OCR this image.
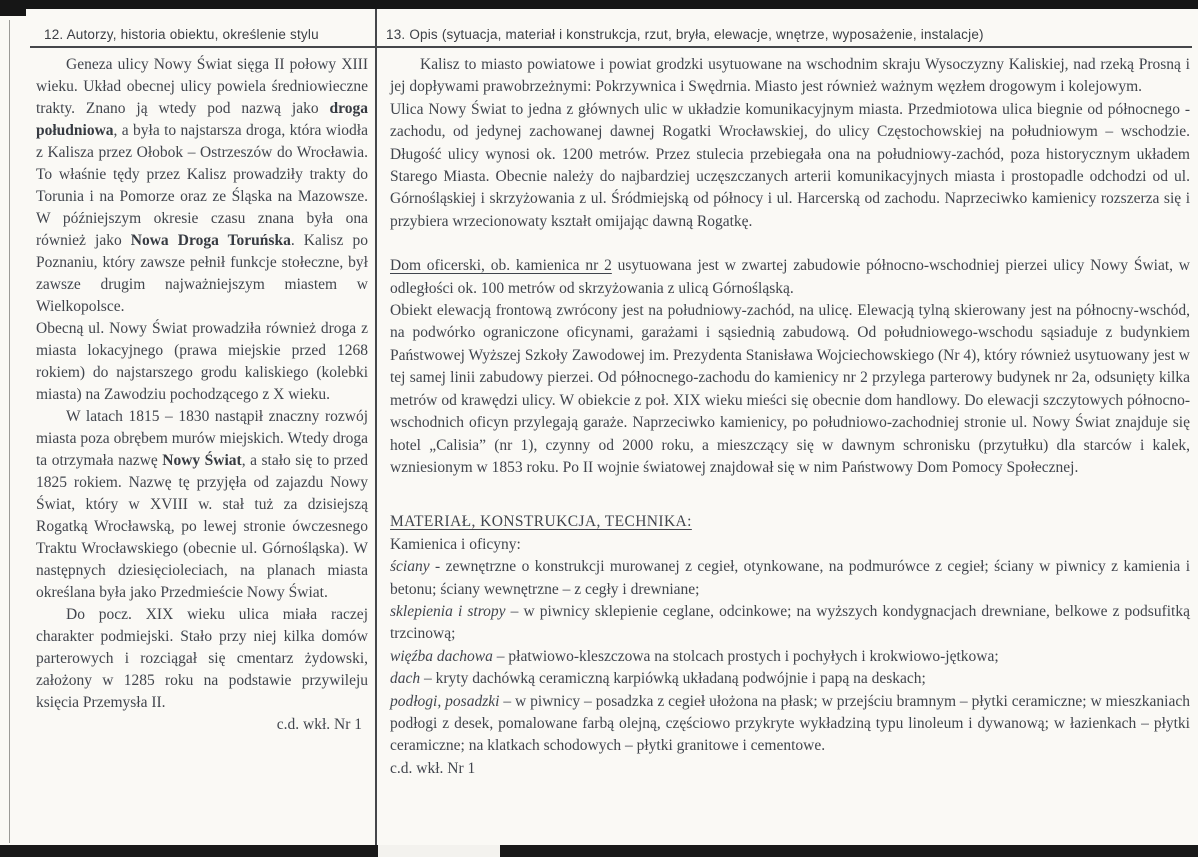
12. Autorzy, historia obiektu, określenie stylu	13. Opis (sytuacja, materiał i konstrukcja, rzut, bryła, elewacje, wnętrze, wyposażenie, instalacje)

Geneza ulicy Nowy Świat sięga II połowy XIII wieku. Układ obecnej ulicy powiela średniowieczne trakty. Znano ją wtedy pod nazwą jako droga południowa, a była to najstarsza droga, która wiodła z Kalisza przez Ołobok – Ostrzeszów do Wrocławia. To właśnie tędy przez Kalisz prowadziły trakty do Torunia i na Pomorze oraz ze Śląska na Mazowsze. W późniejszym okresie czasu znana była ona również jako Nowa Droga Toruńska. Kalisz po Poznaniu, który zawsze pełnił funkcje stołeczne, był zawsze drugim najważniejszym miastem w Wielkopolsce.

Obecną ul. Nowy Świat prowadziła również droga z miasta lokacyjnego (prawa miejskie przed 1268 rokiem) do najstarszego grodu kaliskiego (kolebki miasta) na Zawodziu pochodzącego z X wieku.

W latach 1815 – 1830 nastąpił znaczny rozwój miasta poza obrębem murów miejskich. Wtedy droga ta otrzymała nazwę Nowy Świat, a stało się to przed 1825 rokiem. Nazwę tę przyjęła od zajazdu Nowy Świat, który w XVIII w. stał tuż za dzisiejszą Rogatką Wrocławską, po lewej stronie ówczesnego Traktu Wrocławskiego (obecnie ul. Górnośląska). W następnych dziesięcioleciach, na planach miasta określana była jako Przedmieście Nowy Świat.

Do pocz. XIX wieku ulica miała raczej charakter podmiejski. Stało przy niej kilka domów parterowych i rozciągał się cmentarz żydowski, założony w 1285 roku na podstawie przywileju księcia Przemysła II.

c.d. wkł. Nr 1

Kalisz to miasto powiatowe i powiat grodzki usytuowane na wschodnim skraju Wysoczyzny Kaliskiej, nad rzeką Prosną i jej dopływami prawobrzeżnymi: Pokrzywnica i Swędrnia. Miasto jest również ważnym węzłem drogowym i kolejowym.

Ulica Nowy Świat to jedna z głównych ulic w układzie komunikacyjnym miasta. Przedmiotowa ulica biegnie od północnego - zachodu, od jedynej zachowanej dawnej Rogatki Wrocławskiej, do ulicy Częstochowskiej na południowym – wschodzie. Długość ulicy wynosi ok. 1200 metrów. Przez stulecia przebiegała ona na południowy-zachód, poza historycznym układem Starego Miasta. Obecnie należy do najbardziej uczęszczanych arterii komunikacyjnych miasta i prostopadle odchodzi od ul. Górnośląskiej i skrzyżowania z ul. Śródmiejską od północy i ul. Harcerską od zachodu. Naprzeciwko kamienicy rozszerza się i przybiera wrzecionowaty kształt omijając dawną Rogatkę.

Dom oficerski, ob. kamienica nr 2 usytuowana jest w zwartej zabudowie północno-wschodniej pierzei ulicy Nowy Świat, w odległości ok. 100 metrów od skrzyżowania z ulicą Górnośląską.

Obiekt elewacją frontową zwrócony jest na południowy-zachód, na ulicę. Elewacją tylną skierowany jest na północny-wschód, na podwórko ograniczone oficynami, garażami i sąsiednią zabudową. Od południowego-wschodu sąsiaduje z budynkiem Państwowej Wyższej Szkoły Zawodowej im. Prezydenta Stanisława Wojciechowskiego (Nr 4), który również usytuowany jest w tej samej linii zabudowy pierzei. Od północnego-zachodu do kamienicy nr 2 przylega parterowy budynek nr 2a, odsunięty kilka metrów od krawędzi ulicy. W obiekcie z poł. XIX wieku mieści się obecnie dom handlowy. Do elewacji szczytowych północno-wschodnich oficyn przylegają garaże. Naprzeciwko kamienicy, po południowo-zachodniej stronie ul. Nowy Świat znajduje się hotel „Calisia” (nr 1), czynny od 2000 roku, a mieszczący się w dawnym schronisku (przytułku) dla starców i kalek, wzniesionym w 1853 roku. Po II wojnie światowej znajdował się w nim Państwowy Dom Pomocy Społecznej.

MATERIAŁ, KONSTRUKCJA, TECHNIKA:

Kamienica i oficyny:

ściany - zewnętrzne o konstrukcji murowanej z cegieł, otynkowane, na podmurówce z cegieł; ściany w piwnicy z kamienia i betonu; ściany wewnętrzne – z cegły i drewniane;

sklepienia i stropy – w piwnicy sklepienie ceglane, odcinkowe; na wyższych kondygnacjach drewniane, belkowe z podsufitką trzcinową;

więźba dachowa – płatwiowo-kleszczowa na stolcach prostych i pochyłych i krokwiowo-jętkowa;

dach – kryty dachówką ceramiczną karpiówką układaną podwójnie i papą na deskach;

podłogi, posadzki – w piwnicy – posadzka z cegieł ułożona na płask; w przejściu bramnym – płytki ceramiczne; w mieszkaniach podłogi z desek, pomalowane farbą olejną, częściowo przykryte wykładziną typu linoleum i dywanową; w łazienkach – płytki ceramiczne; na klatkach schodowych – płytki granitowe i cementowe.

c.d. wkł. Nr 1
